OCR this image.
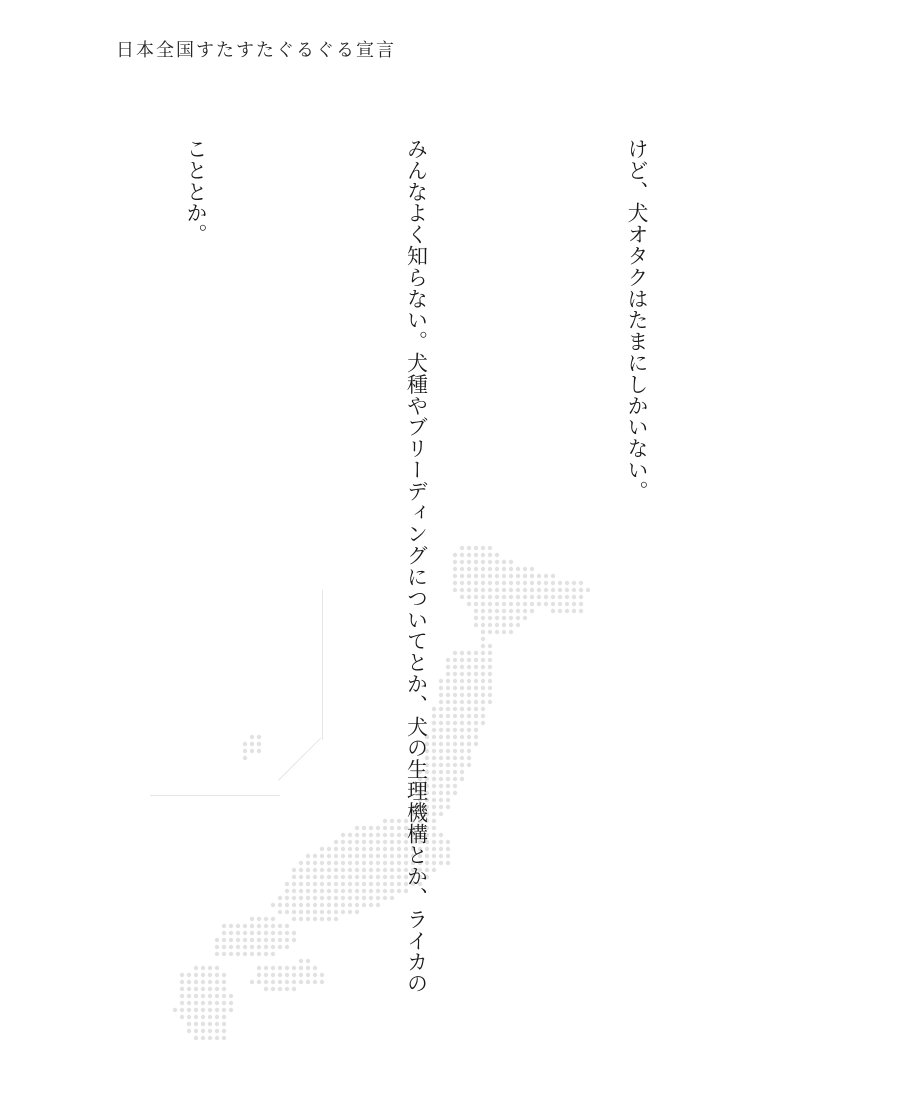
日本全国すたすたぐるぐる宣言

けど、犬オタクはたまにしかいない。

みんなよく知らない。犬種やブリーディングについてとか、犬の生理機構とか、ライカの

こととか。
